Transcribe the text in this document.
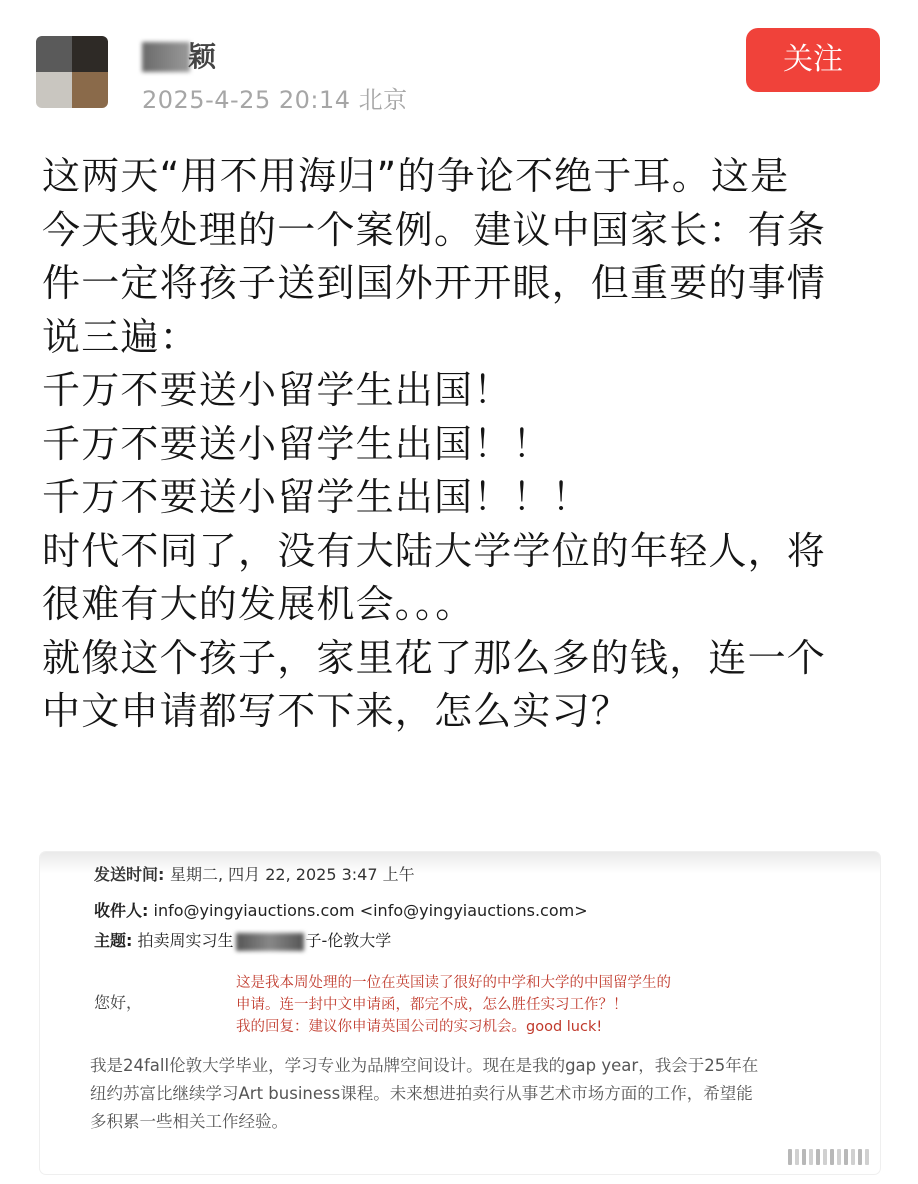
颖
2025-4-25 20:14 北京
关注
这两天“用不用海归”的争论不绝于耳。这是
今天我处理的一个案例。建议中国家长：有条
件一定将孩子送到国外开开眼，但重要的事情
说三遍：
千万不要送小留学生出国！
千万不要送小留学生出国！！
千万不要送小留学生出国！！！
时代不同了，没有大陆大学学位的年轻人，将
很难有大的发展机会。。。
就像这个孩子，家里花了那么多的钱，连一个
中文申请都写不下来，怎么实习？
发送时间: 星期二, 四月 22, 2025 3:47 上午
收件人: info@yingyiauctions.com <info@yingyiauctions.com>
主题: 拍卖周实习生	子-伦敦大学
您好，
这是我本周处理的一位在英国读了很好的中学和大学的中国留学生的
申请。连一封中文申请函，都完不成，怎么胜任实习工作？！
我的回复：建议你申请英国公司的实习机会。good luck!
我是24fall伦敦大学毕业，学习专业为品牌空间设计。现在是我的gap year，我会于25年在
纽约苏富比继续学习Art business课程。未来想进拍卖行从事艺术市场方面的工作，希望能
多积累一些相关工作经验。
